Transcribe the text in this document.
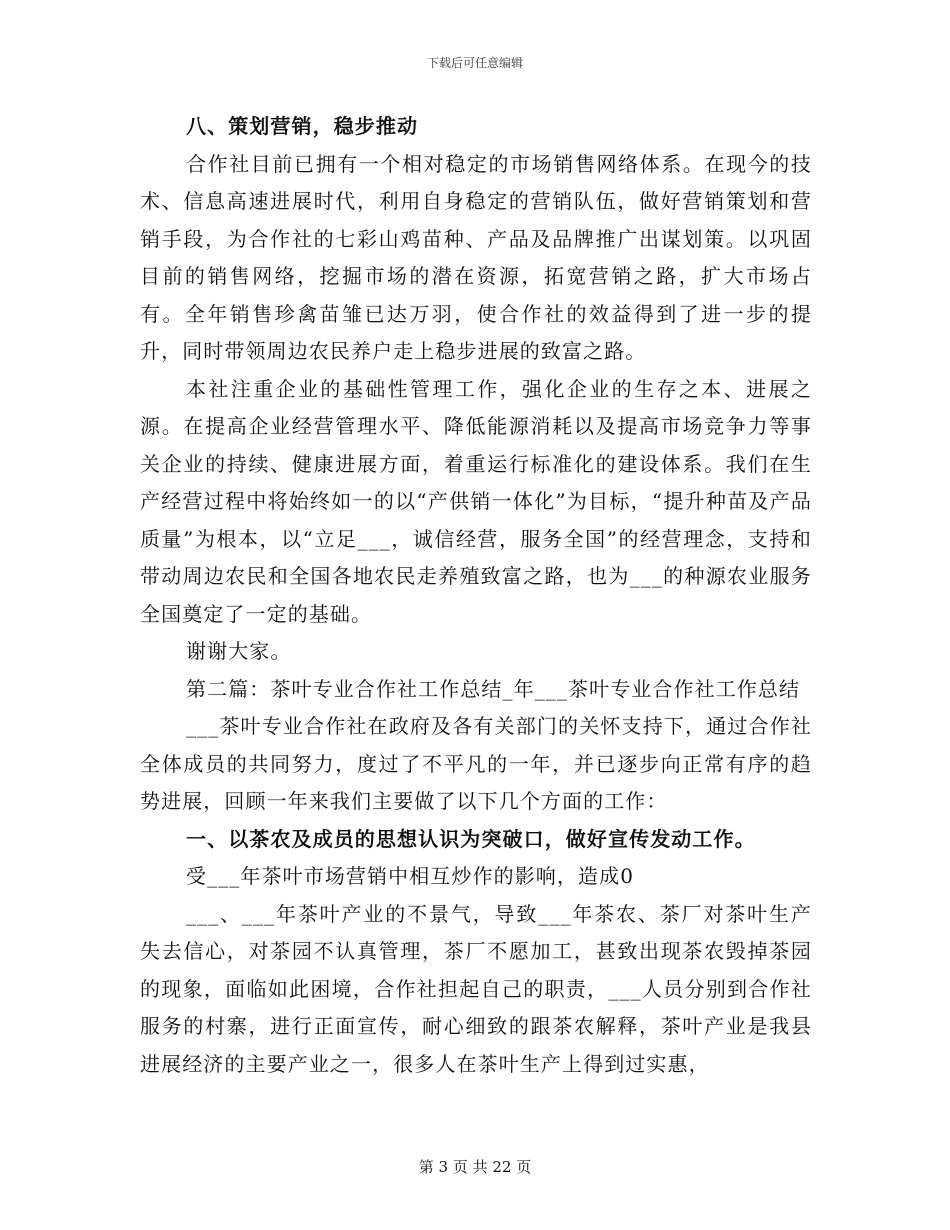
下载后可任意编辑

八、策划营销，稳步推动

合作社目前已拥有一个相对稳定的市场销售网络体系。在现今的技术、信息高速进展时代，利用自身稳定的营销队伍，做好营销策划和营销手段，为合作社的七彩山鸡苗种、产品及品牌推广出谋划策。以巩固目前的销售网络，挖掘市场的潜在资源，拓宽营销之路，扩大市场占有。全年销售珍禽苗雏已达万羽，使合作社的效益得到了进一步的提升，同时带领周边农民养户走上稳步进展的致富之路。

本社注重企业的基础性管理工作，强化企业的生存之本、进展之源。在提高企业经营管理水平、降低能源消耗以及提高市场竞争力等事关企业的持续、健康进展方面，着重运行标准化的建设体系。我们在生产经营过程中将始终如一的以“产供销一体化”为目标，“提升种苗及产品质量”为根本，以“立足___，诚信经营，服务全国”的经营理念，支持和带动周边农民和全国各地农民走养殖致富之路，也为___的种源农业服务全国奠定了一定的基础。

谢谢大家。

第二篇：茶叶专业合作社工作总结_年___茶叶专业合作社工作总结

___茶叶专业合作社在政府及各有关部门的关怀支持下，通过合作社全体成员的共同努力，度过了不平凡的一年，并已逐步向正常有序的趋势进展，回顾一年来我们主要做了以下几个方面的工作：

一、以茶农及成员的思想认识为突破口，做好宣传发动工作。

受___年茶叶市场营销中相互炒作的影响，造成0

___、___年茶叶产业的不景气，导致___年茶农、茶厂对茶叶生产失去信心，对茶园不认真管理，茶厂不愿加工，甚致出现茶农毁掉茶园的现象，面临如此困境，合作社担起自己的职责，___人员分别到合作社服务的村寨，进行正面宣传，耐心细致的跟茶农解释，茶叶产业是我县进展经济的主要产业之一，很多人在茶叶生产上得到过实惠，

第 3 页 共 22 页
